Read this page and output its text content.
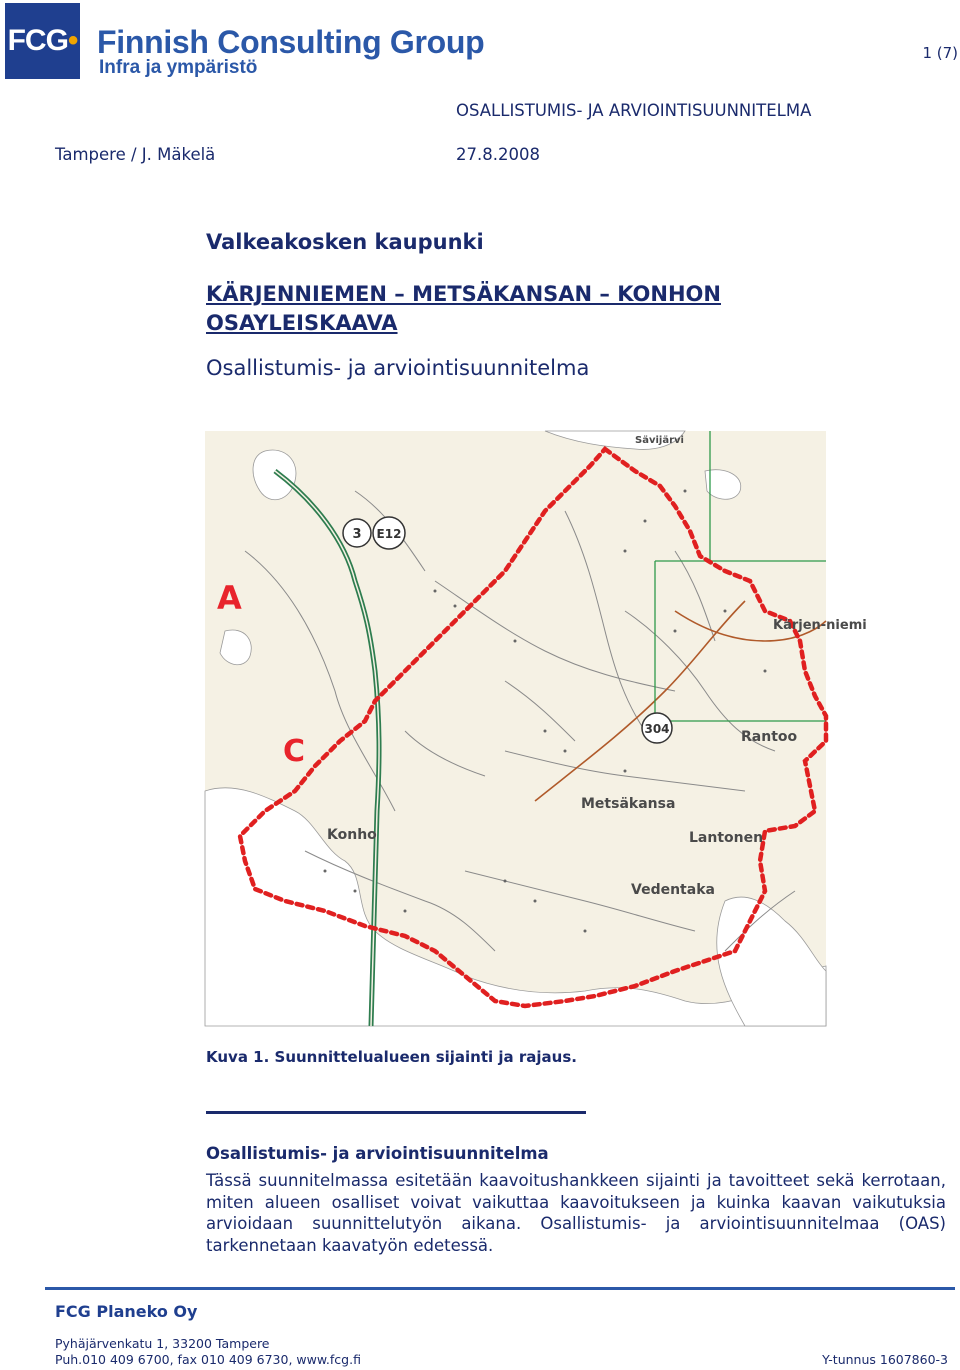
FCG • Finnish Consulting Group
Infra ja ympäristö
1 (7)
OSALLISTUMIS- JA ARVIOINTISUUNNITELMA
Tampere / J. Mäkelä	27.8.2008
Valkeakosken kaupunki
KÄRJENNIEMEN – METSÄKANSAN – KONHON OSAYLEISKAAVA
Osallistumis- ja arviointisuunnitelma
3 E12
304
A
C
Konho
Metsäkansa
Kärjen-niemi
Rantoo
Lantonen
Vedentaka
Sävijärvi
Kuva 1. Suunnittelualueen sijainti ja rajaus.
Osallistumis- ja arviointisuunnitelma
Tässä suunnitelmassa esitetään kaavoitushankkeen sijainti ja tavoitteet sekä kerrotaan, miten alueen osalliset voivat vaikuttaa kaavoitukseen ja kuinka kaavan vaikutuksia arvioidaan suunnittelutyön aikana. Osallistumis- ja arviointisuunnitelmaa (OAS) tarkennetaan kaavatyön edetessä.
FCG Planeko Oy
Pyhäjärvenkatu 1, 33200 Tampere
Puh.010 409 6700, fax 010 409 6730, www.fcg.fi	Y-tunnus 1607860-3
